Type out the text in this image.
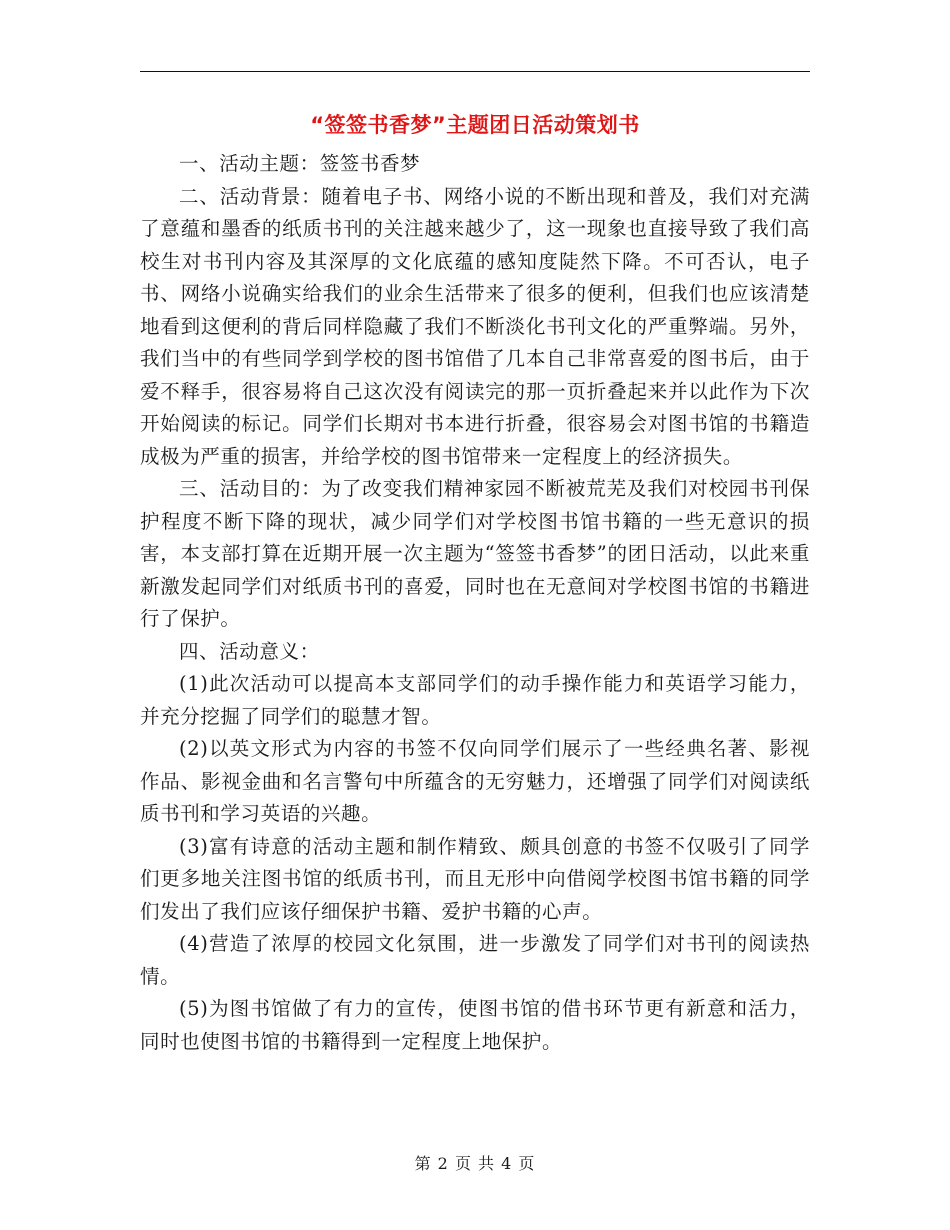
“签签书香梦”主题团日活动策划书

一、活动主题：签签书香梦

二、活动背景：随着电子书、网络小说的不断出现和普及，我们对充满了意蕴和墨香的纸质书刊的关注越来越少了，这一现象也直接导致了我们高校生对书刊内容及其深厚的文化底蕴的感知度陡然下降。不可否认，电子书、网络小说确实给我们的业余生活带来了很多的便利，但我们也应该清楚地看到这便利的背后同样隐藏了我们不断淡化书刊文化的严重弊端。另外，我们当中的有些同学到学校的图书馆借了几本自己非常喜爱的图书后，由于爱不释手，很容易将自己这次没有阅读完的那一页折叠起来并以此作为下次开始阅读的标记。同学们长期对书本进行折叠，很容易会对图书馆的书籍造成极为严重的损害，并给学校的图书馆带来一定程度上的经济损失。

三、活动目的：为了改变我们精神家园不断被荒芜及我们对校园书刊保护程度不断下降的现状，减少同学们对学校图书馆书籍的一些无意识的损害，本支部打算在近期开展一次主题为“签签书香梦”的团日活动，以此来重新激发起同学们对纸质书刊的喜爱，同时也在无意间对学校图书馆的书籍进行了保护。

四、活动意义：

(1)此次活动可以提高本支部同学们的动手操作能力和英语学习能力，并充分挖掘了同学们的聪慧才智。

(2)以英文形式为内容的书签不仅向同学们展示了一些经典名著、影视作品、影视金曲和名言警句中所蕴含的无穷魅力，还增强了同学们对阅读纸质书刊和学习英语的兴趣。

(3)富有诗意的活动主题和制作精致、颇具创意的书签不仅吸引了同学们更多地关注图书馆的纸质书刊，而且无形中向借阅学校图书馆书籍的同学们发出了我们应该仔细保护书籍、爱护书籍的心声。

(4)营造了浓厚的校园文化氛围，进一步激发了同学们对书刊的阅读热情。

(5)为图书馆做了有力的宣传，使图书馆的借书环节更有新意和活力，同时也使图书馆的书籍得到一定程度上地保护。

第 2 页 共 4 页
